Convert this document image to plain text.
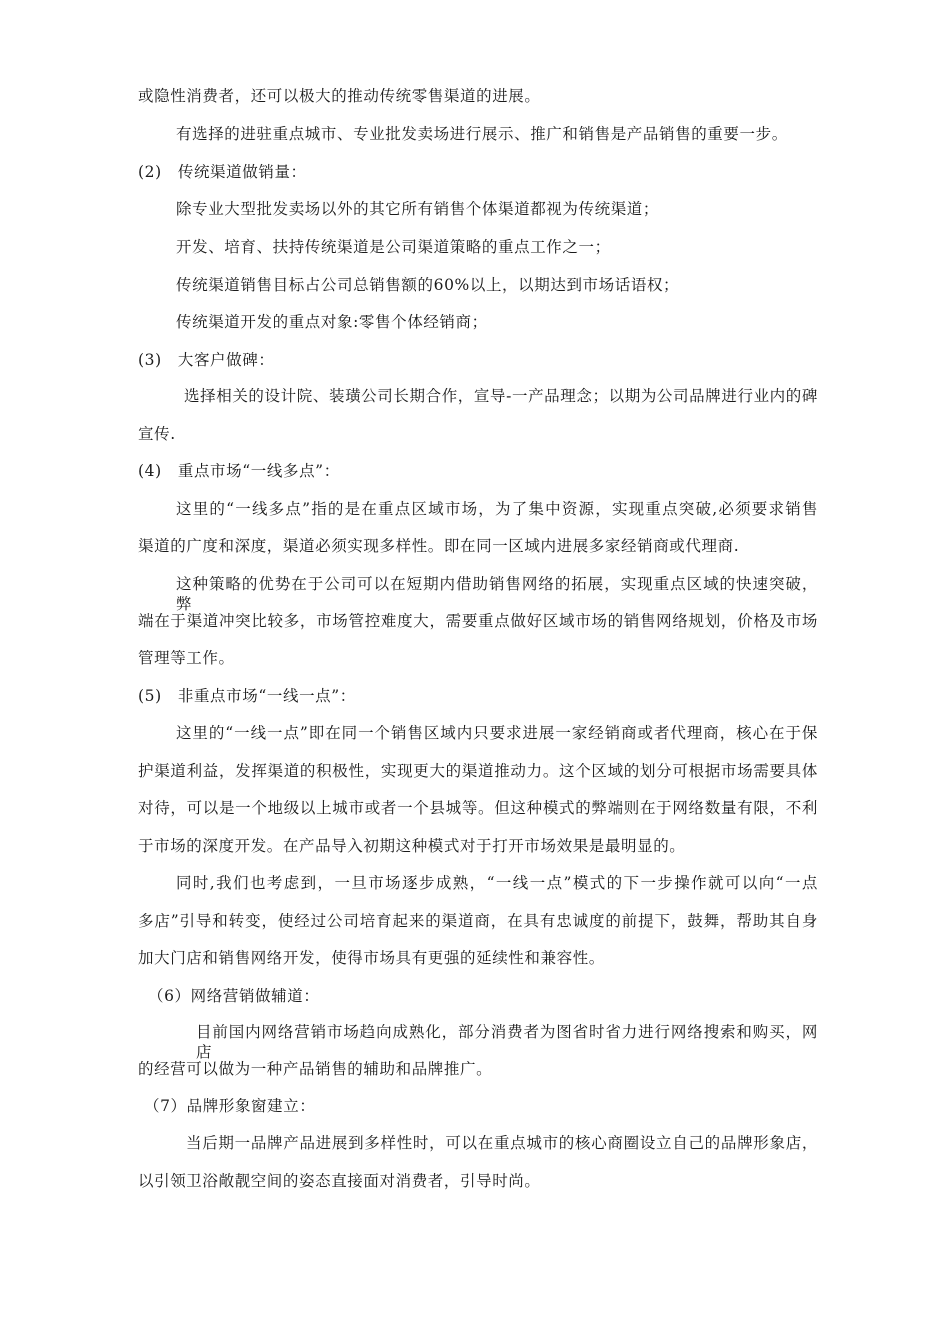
或隐性消费者，还可以极大的推动传统零售渠道的进展。
有选择的进驻重点城市、专业批发卖场进行展示、推广和销售是产品销售的重要一步。
(2)　传统渠道做销量：
除专业大型批发卖场以外的其它所有销售个体渠道都视为传统渠道；
开发、培育、扶持传统渠道是公司渠道策略的重点工作之一；
传统渠道销售目标占公司总销售额的60%以上，以期达到市场话语权；
传统渠道开发的重点对象:零售个体经销商；
(3)　大客户做碑：
选择相关的设计院、装璜公司长期合作，宣导-一产品理念；以期为公司品牌进行业内的碑
宣传.
(4)　重点市场“一线多点”：
这里的“一线多点”指的是在重点区域市场，为了集中资源，实现重点突破,必须要求销售
渠道的广度和深度，渠道必须实现多样性。即在同一区域内进展多家经销商或代理商.
这种策略的优势在于公司可以在短期内借助销售网络的拓展，实现重点区域的快速突破，弊
端在于渠道冲突比较多，市场管控难度大，需要重点做好区域市场的销售网络规划，价格及市场
管理等工作。
(5)　非重点市场“一线一点”：
这里的“一线一点”即在同一个销售区域内只要求进展一家经销商或者代理商，核心在于保
护渠道利益，发挥渠道的积极性，实现更大的渠道推动力。这个区域的划分可根据市场需要具体
对待，可以是一个地级以上城市或者一个县城等。但这种模式的弊端则在于网络数量有限，不利
于市场的深度开发。在产品导入初期这种模式对于打开市场效果是最明显的。
同时,我们也考虑到，一旦市场逐步成熟，“一线一点”模式的下一步操作就可以向“一点
多店”引导和转变，使经过公司培育起来的渠道商，在具有忠诚度的前提下，鼓舞，帮助其自身
加大门店和销售网络开发，使得市场具有更强的延续性和兼容性。
（6）网络营销做辅道：
目前国内网络营销市场趋向成熟化，部分消费者为图省时省力进行网络搜索和购买，网店
的经营可以做为一种产品销售的辅助和品牌推广。
（7）品牌形象窗建立：
当后期一品牌产品进展到多样性时，可以在重点城市的核心商圈设立自己的品牌形象店，
以引领卫浴敞靓空间的姿态直接面对消费者，引导时尚。
